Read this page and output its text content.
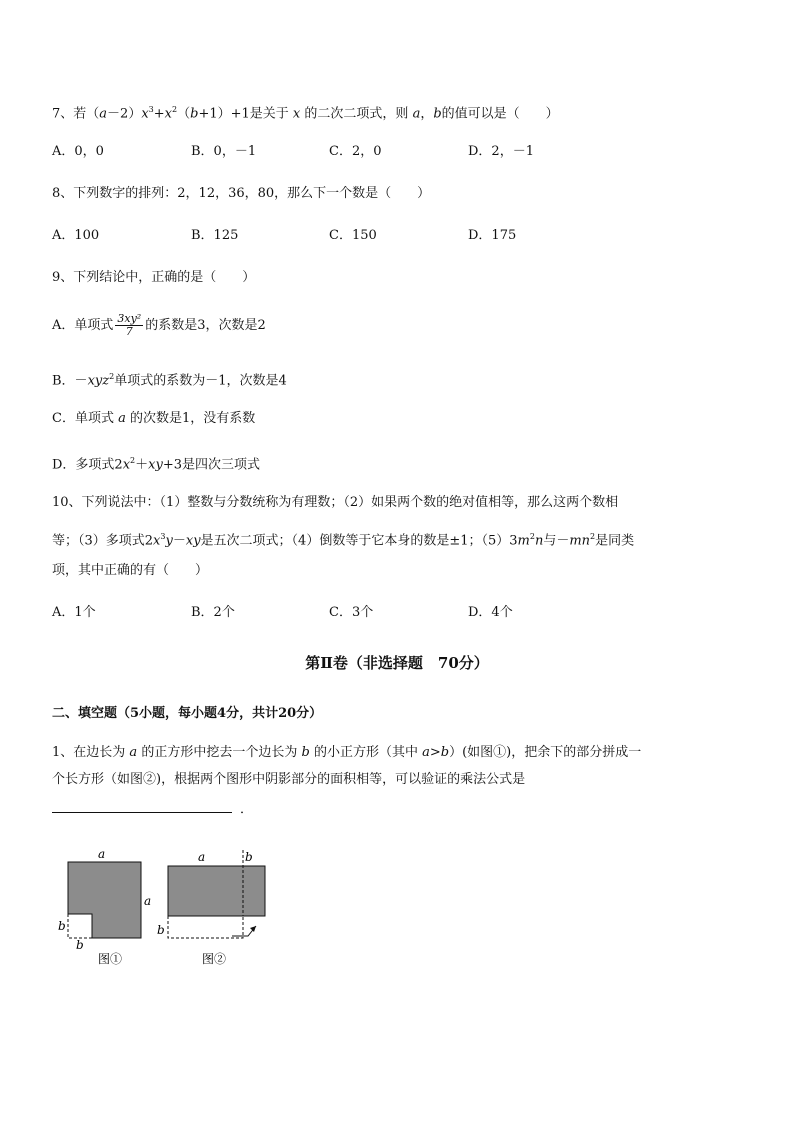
7、若$(a-2)x^3+x^2(b+1)+1$是关于 x 的二次二项式，则 a，b的值可以是（　　）
A．0，0	B．0，－1	C．2，0	D．2，－1
8、下列数字的排列：2，12，36，80，那么下一个数是（　　）
A．100	B．125	C．150	D．175
9、下列结论中，正确的是（　　）
A．单项式 $\frac{\text{3xy²}}{7}$ 的系数是3，次数是2
B．－xyz$^2$单项式的系数为－1，次数是4
C．单项式 a 的次数是1，没有系数
D．多项式$2x^2+xy+3$是四次三项式
10、下列说法中：（1）整数与分数统称为有理数；（2）如果两个数的绝对值相等，那么这两个数相
等；（3）多项式$2x^3y-xy$是五次二项式；（4）倒数等于它本身的数是±1；$(5)3m^2n$与$-mn^2$是同类
项，其中正确的有（　　）
A．1个	B．2个	C．3个	D．4个
第Ⅱ卷（非选择题　70分）
二、填空题（5小题，每小题4分，共计20分）
1、在边长为 a 的正方形中挖去一个边长为 b 的小正方形（其中 a>b）(如图①)，把余下的部分拼成一
个长方形（如图②)，根据两个图形中阴影部分的面积相等，可以验证的乘法公式是
．
a
a
b
b
图①
a	b
b
图②
